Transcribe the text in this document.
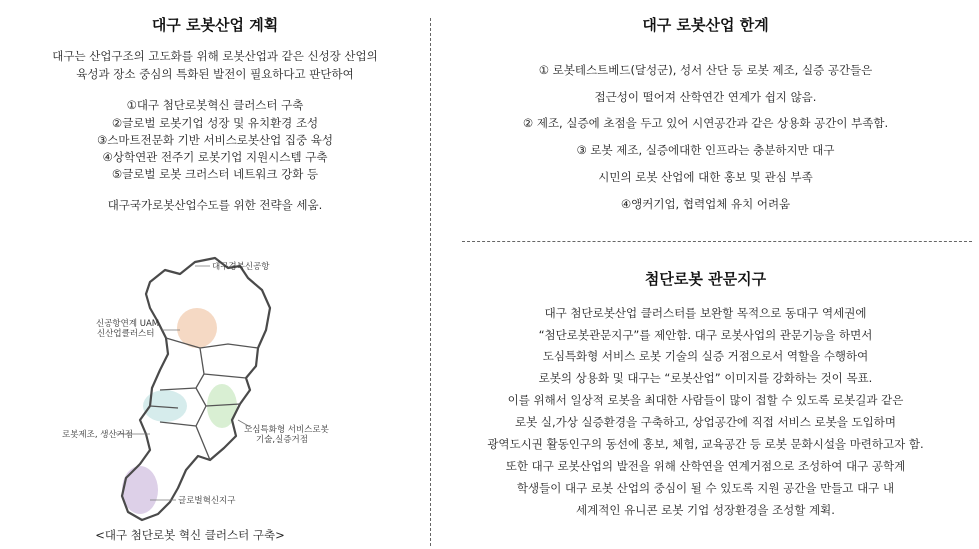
대구 로봇산업 계획
대구는 산업구조의 고도화를 위해 로봇산업과 같은 신성장 산업의
육성과 장소 중심의 특화된 발전이 필요하다고 판단하여
①대구 첨단로봇혁신 클러스터 구축
②글로벌 로봇기업 성장 및 유치환경 조성
③스마트전문화 기반 서비스로봇산업 집중 육성
④상학연관 전주기 로봇기업 지원시스템 구축
⑤글로벌 로봇 크러스터 네트워크 강화 등
대구국가로봇산업수도를 위한 전략을 세움.
대구경북신공항
신공항연계 UAM
신산업클러스터
도심특화형 서비스로봇
기술,실증거점
로봇제조, 생산거점
글로벌혁신지구
<대구 첨단로봇 혁신 클러스터 구축>
대구 로봇산업 한계
① 로봇테스트베드(달성군), 성서 산단 등 로봇 제조, 실증 공간들은
접근성이 떨어져 산학연간 연계가 쉽지 않음.
② 제조, 실증에 초점을 두고 있어 시연공간과 같은 상용화 공간이 부족함.
③ 로봇 제조, 실증에대한 인프라는 충분하지만 대구
시민의 로봇 산업에 대한 홍보 및 관심 부족
④앵커기업, 협력업체 유치 어려움
첨단로봇 관문지구
대구 첨단로봇산업 클러스터를 보완할 목적으로 동대구 역세권에
“첨단로봇관문지구”를 제안함. 대구 로봇사업의 관문기능을 하면서
도심특화형 서비스 로봇 기술의 실증 거점으로서 역할을 수행하여
로봇의 상용화 및 대구는 “로봇산업” 이미지를 강화하는 것이 목표.
이를 위해서 일상적 로봇을 최대한 사람들이 많이 접할 수 있도록 로봇길과 같은
로봇 실,가상 실증환경을 구축하고, 상업공간에 직접 서비스 로봇을 도입하며
광역도시권 활동인구의 동선에 홍보, 체험, 교육공간 등 로봇 문화시설을 마련하고자 함.
또한 대구 로봇산업의 발전을 위해 산학연을 연계거점으로 조성하여 대구 공학계
학생들이 대구 로봇 산업의 중심이 될 수 있도록 지원 공간을 만들고 대구 내
세계적인 유니콘 로봇 기업 성장환경을 조성할 계획.
